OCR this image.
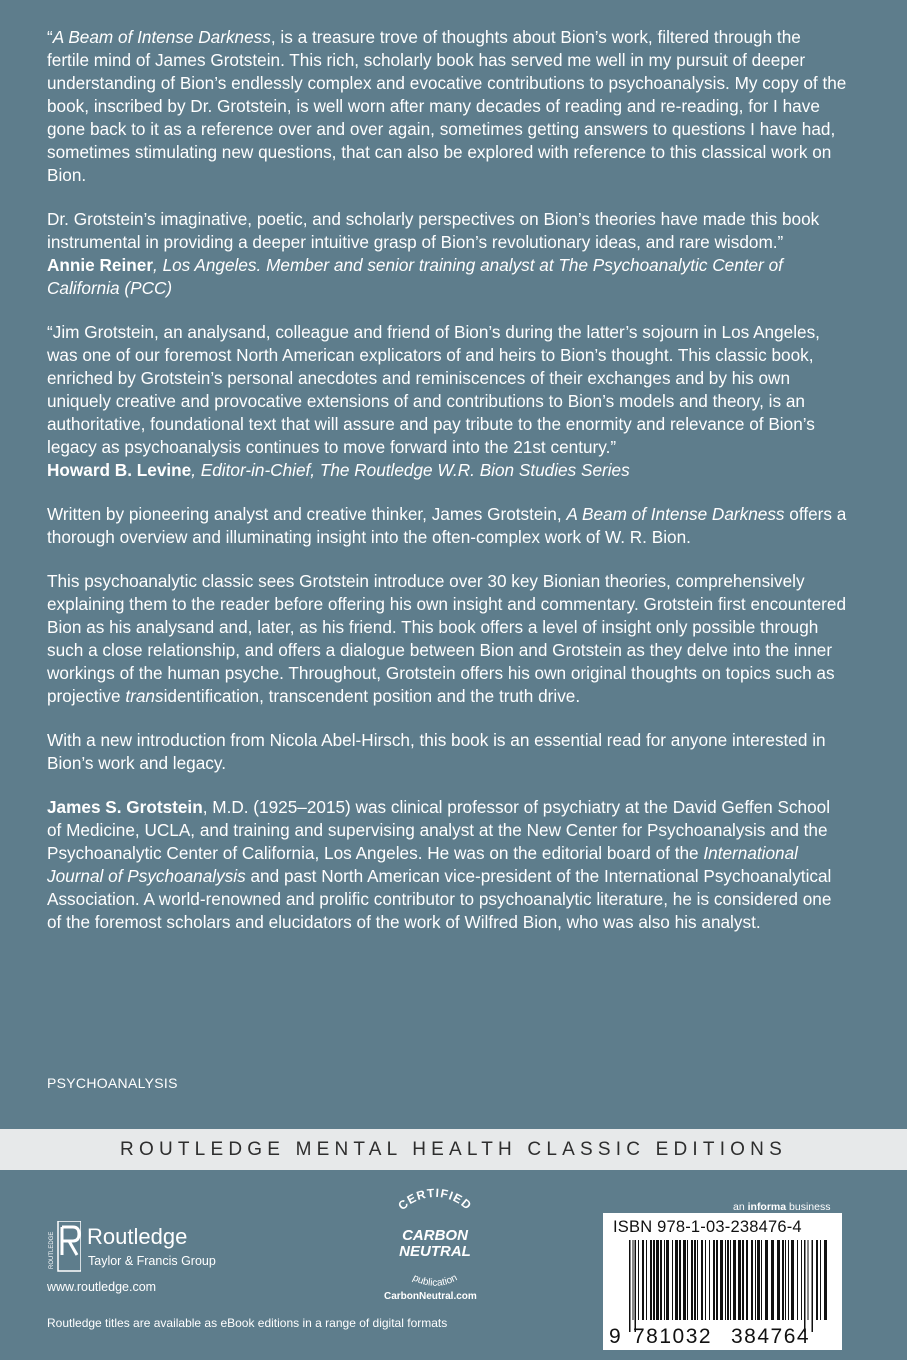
“A Beam of Intense Darkness, is a treasure trove of thoughts about Bion’s work, filtered through the fertile mind of James Grotstein. This rich, scholarly book has served me well in my pursuit of deeper understanding of Bion’s endlessly complex and evocative contributions to psychoanalysis. My copy of the book, inscribed by Dr. Grotstein, is well worn after many decades of reading and re-reading, for I have gone back to it as a reference over and over again, sometimes getting answers to questions I have had, sometimes stimulating new questions, that can also be explored with reference to this classical work on Bion.

Dr. Grotstein’s imaginative, poetic, and scholarly perspectives on Bion’s theories have made this book instrumental in providing a deeper intuitive grasp of Bion’s revolutionary ideas, and rare wisdom.”

Annie Reiner, Los Angeles. Member and senior training analyst at The Psychoanalytic Center of California (PCC)

“Jim Grotstein, an analysand, colleague and friend of Bion’s during the latter’s sojourn in Los Angeles, was one of our foremost North American explicators of and heirs to Bion’s thought. This classic book, enriched by Grotstein’s personal anecdotes and reminiscences of their exchanges and by his own uniquely creative and provocative extensions of and contributions to Bion’s models and theory, is an authoritative, foundational text that will assure and pay tribute to the enormity and relevance of Bion’s legacy as psychoanalysis continues to move forward into the 21st century.”

Howard B. Levine, Editor-in-Chief, The Routledge W.R. Bion Studies Series

Written by pioneering analyst and creative thinker, James Grotstein, A Beam of Intense Darkness offers a thorough overview and illuminating insight into the often-complex work of W. R. Bion.

This psychoanalytic classic sees Grotstein introduce over 30 key Bionian theories, comprehensively explaining them to the reader before offering his own insight and commentary. Grotstein first encountered Bion as his analysand and, later, as his friend. This book offers a level of insight only possible through such a close relationship, and offers a dialogue between Bion and Grotstein as they delve into the inner workings of the human psyche. Throughout, Grotstein offers his own original thoughts on topics such as projective transidentification, transcendent position and the truth drive.

With a new introduction from Nicola Abel-Hirsch, this book is an essential read for anyone interested in Bion’s work and legacy.

James S. Grotstein, M.D. (1925–2015) was clinical professor of psychiatry at the David Geffen School of Medicine, UCLA, and training and supervising analyst at the New Center for Psychoanalysis and the Psychoanalytic Center of California, Los Angeles. He was on the editorial board of the International Journal of Psychoanalysis and past North American vice-president of the International Psychoanalytical Association. A world-renowned and prolific contributor to psychoanalytic literature, he is considered one of the foremost scholars and elucidators of the work of Wilfred Bion, who was also his analyst.

PSYCHOANALYSIS
ROUTLEDGE MENTAL HEALTH CLASSIC EDITIONS
ROUTLEDGE Routledge
Taylor & Francis Group
www.routledge.com
CERTIFIED
CARBON
NEUTRAL
publication
CarbonNeutral.com
an informa business
ISBN 978-1-03-238476-4
9 781032 384764
Routledge titles are available as eBook editions in a range of digital formats
